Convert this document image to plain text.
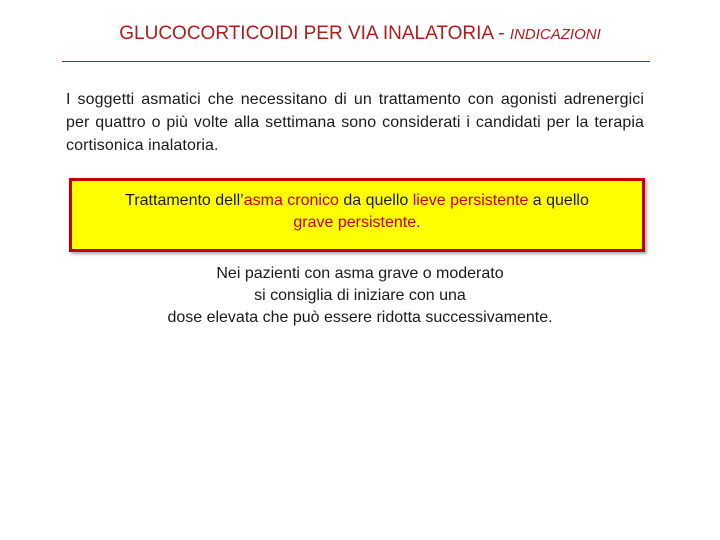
GLUCOCORTICOIDI PER VIA INALATORIA - INDICAZIONI
I soggetti asmatici che necessitano di un trattamento con agonisti adrenergici per quattro o più volte alla settimana sono considerati i candidati per la terapia cortisonica inalatoria.
Trattamento dell’asma cronico da quello lieve persistente a quello
grave persistente.
Nei pazienti con asma grave o moderato
si consiglia di iniziare con una
dose elevata che può essere ridotta successivamente.
